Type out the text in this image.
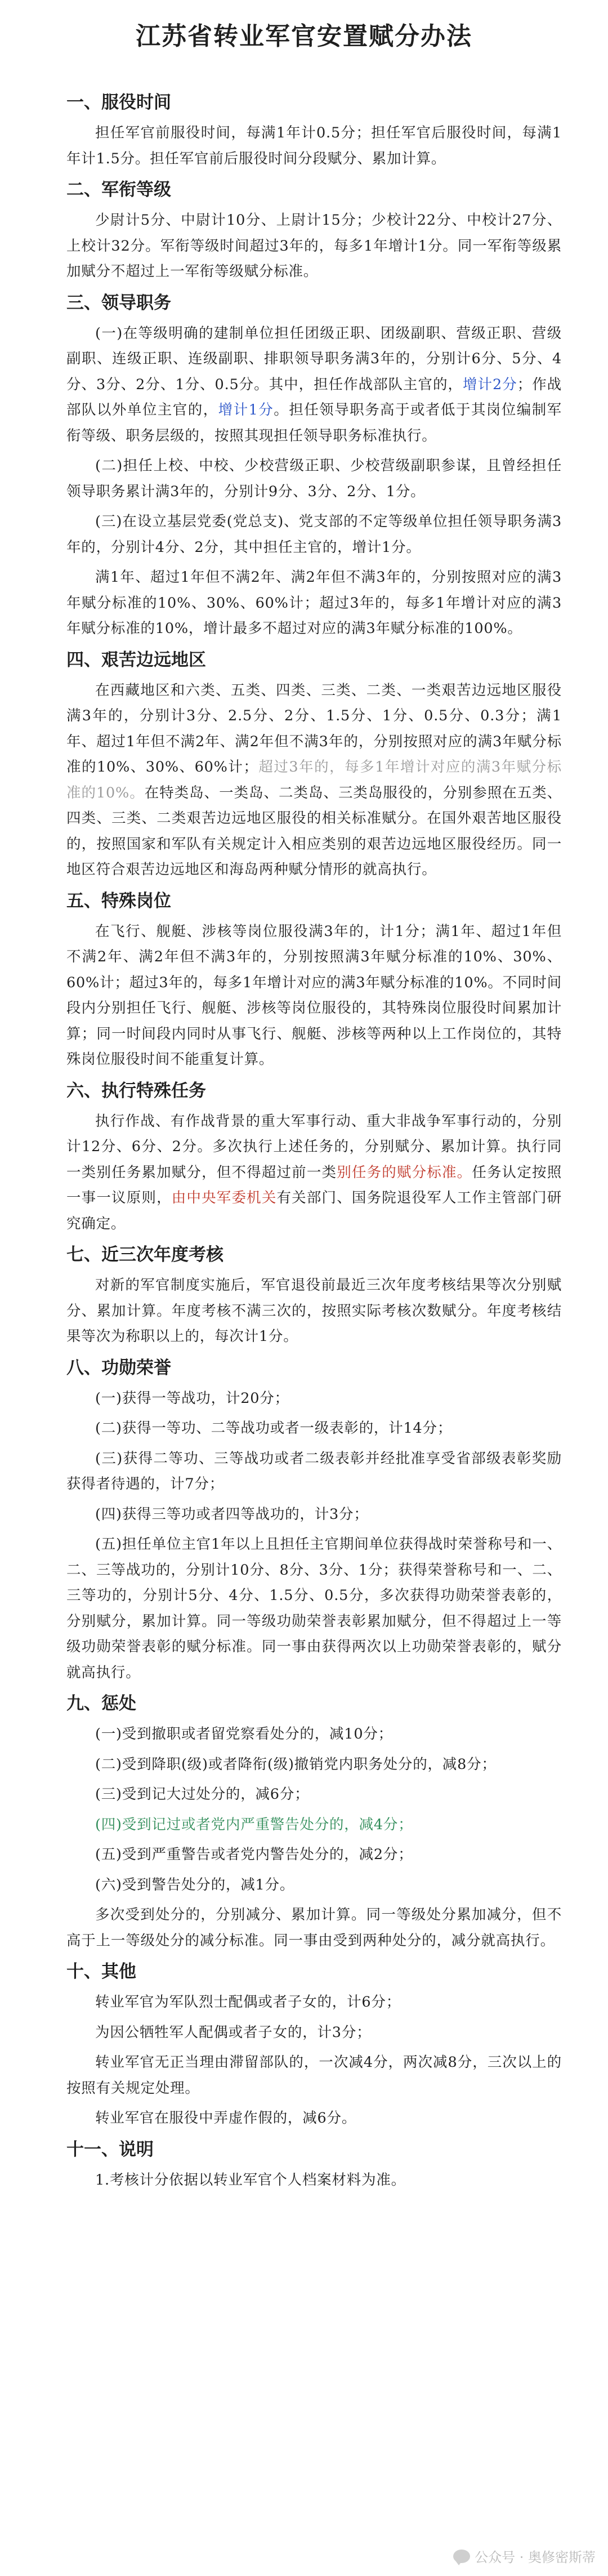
江苏省转业军官安置赋分办法
一、服役时间

担任军官前服役时间，每满1年计0.5分；担任军官后服役时间，每满1年计1.5分。担任军官前后服役时间分段赋分、累加计算。

二、军衔等级

少尉计5分、中尉计10分、上尉计15分；少校计22分、中校计27分、上校计32分。军衔等级时间超过3年的，每多1年增计1分。同一军衔等级累加赋分不超过上一军衔等级赋分标准。

三、领导职务

(一)在等级明确的建制单位担任团级正职、团级副职、营级正职、营级副职、连级正职、连级副职、排职领导职务满3年的，分别计6分、5分、4分、3分、2分、1分、0.5分。其中，担任作战部队主官的，增计2分；作战部队以外单位主官的，增计1分。担任领导职务高于或者低于其岗位编制军衔等级、职务层级的，按照其现担任领导职务标准执行。

(二)担任上校、中校、少校营级正职、少校营级副职参谋，且曾经担任领导职务累计满3年的，分别计9分、3分、2分、1分。

(三)在设立基层党委(党总支)、党支部的不定等级单位担任领导职务满3年的，分别计4分、2分，其中担任主官的，增计1分。

满1年、超过1年但不满2年、满2年但不满3年的，分别按照对应的满3年赋分标准的10%、30%、60%计；超过3年的，每多1年增计对应的满3年赋分标准的10%，增计最多不超过对应的满3年赋分标准的100%。

四、艰苦边远地区

在西藏地区和六类、五类、四类、三类、二类、一类艰苦边远地区服役满3年的，分别计3分、2.5分、2分、1.5分、1分、0.5分、0.3分；满1年、超过1年但不满2年、满2年但不满3年的，分别按照对应的满3年赋分标准的10%、30%、60%计；超过3年的，每多1年增计对应的满3年赋分标准的10%。在特类岛、一类岛、二类岛、三类岛服役的，分别参照在五类、四类、三类、二类艰苦边远地区服役的相关标准赋分。在国外艰苦地区服役的，按照国家和军队有关规定计入相应类别的艰苦边远地区服役经历。同一地区符合艰苦边远地区和海岛两种赋分情形的就高执行。

五、特殊岗位

在飞行、舰艇、涉核等岗位服役满3年的，计1分；满1年、超过1年但不满2年、满2年但不满3年的，分别按照满3年赋分标准的10%、30%、60%计；超过3年的，每多1年增计对应的满3年赋分标准的10%。不同时间段内分别担任飞行、舰艇、涉核等岗位服役的，其特殊岗位服役时间累加计算；同一时间段内同时从事飞行、舰艇、涉核等两种以上工作岗位的，其特殊岗位服役时间不能重复计算。

六、执行特殊任务

执行作战、有作战背景的重大军事行动、重大非战争军事行动的，分别计12分、6分、2分。多次执行上述任务的，分别赋分、累加计算。执行同一类别任务累加赋分，但不得超过前一类别任务的赋分标准。任务认定按照一事一议原则，由中央军委机关有关部门、国务院退役军人工作主管部门研究确定。

七、近三次年度考核

对新的军官制度实施后，军官退役前最近三次年度考核结果等次分别赋分、累加计算。年度考核不满三次的，按照实际考核次数赋分。年度考核结果等次为称职以上的，每次计1分。

八、功勋荣誉

(一)获得一等战功，计20分；

(二)获得一等功、二等战功或者一级表彰的，计14分；

(三)获得二等功、三等战功或者二级表彰并经批准享受省部级表彰奖励获得者待遇的，计7分；

(四)获得三等功或者四等战功的，计3分；

(五)担任单位主官1年以上且担任主官期间单位获得战时荣誉称号和一、二、三等战功的，分别计10分、8分、3分、1分；获得荣誉称号和一、二、三等功的，分别计5分、4分、1.5分、0.5分，多次获得功勋荣誉表彰的，分别赋分，累加计算。同一等级功勋荣誉表彰累加赋分，但不得超过上一等级功勋荣誉表彰的赋分标准。同一事由获得两次以上功勋荣誉表彰的，赋分就高执行。

九、惩处

(一)受到撤职或者留党察看处分的，减10分；

(二)受到降职(级)或者降衔(级)撤销党内职务处分的，减8分；

(三)受到记大过处分的，减6分；

(四)受到记过或者党内严重警告处分的，减4分；

(五)受到严重警告或者党内警告处分的，减2分；

(六)受到警告处分的，减1分。

多次受到处分的，分别减分、累加计算。同一等级处分累加减分，但不高于上一等级处分的减分标准。同一事由受到两种处分的，减分就高执行。

十、其他

转业军官为军队烈士配偶或者子女的，计6分；

为因公牺牲军人配偶或者子女的，计3分；

转业军官无正当理由滞留部队的，一次减4分，两次减8分，三次以上的按照有关规定处理。

转业军官在服役中弄虚作假的，减6分。

十一、说明

1.考核计分依据以转业军官个人档案材料为准。

公众号 · 奥修密斯蒂
